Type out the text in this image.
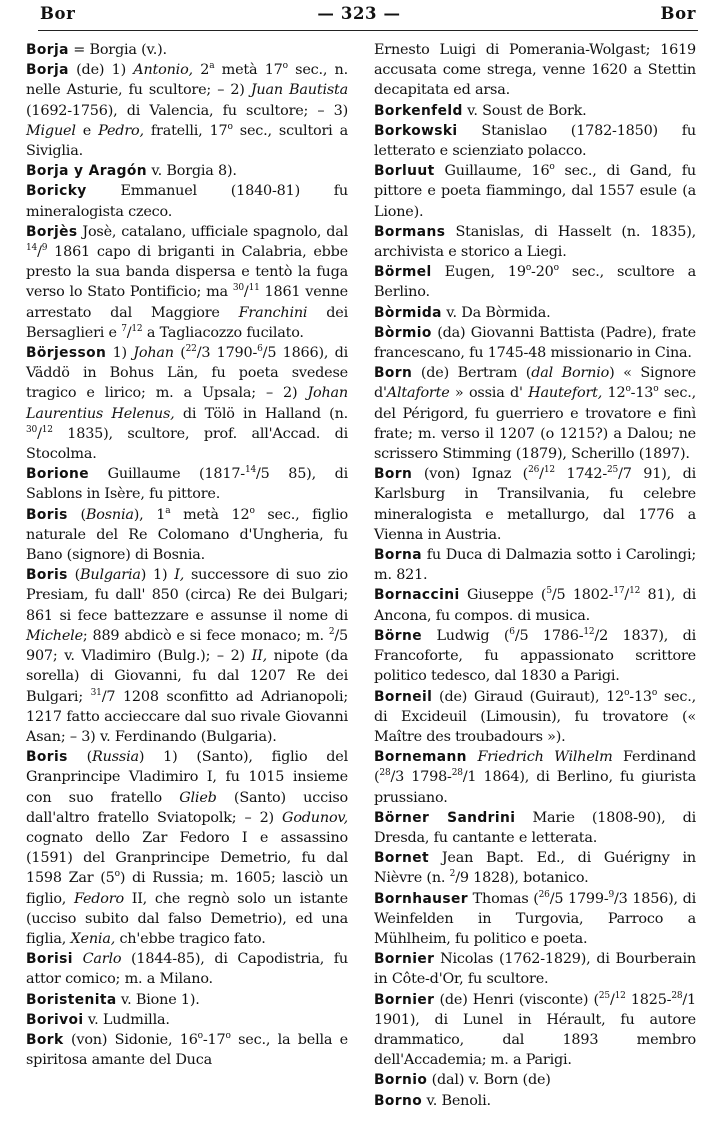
Bor	— 323 —	Bor

Borja = Borgia (v.).

Borja (de) 1) Antonio, 2$^a$ metà 17$^o$ sec., n. nelle Asturie, fu scultore; – 2) Juan Bautista (1692-1756), di Valencia, fu scultore; – 3) Miguel e Pedro, fratelli, 17$^o$ sec., scultori a Siviglia.

Borja y Aragón v. Borgia 8).

Boricky Emmanuel (1840-81) fu mineralogista czeco.

Borjès Josè, catalano, ufficiale spagnolo, dal $^{14}$/$^9$ 1861 capo di briganti in Calabria, ebbe presto la sua banda dispersa e tentò la fuga verso lo Stato Pontificio; ma $^{30}$/$^{11}$ 1861 venne arrestato dal Maggiore Franchini dei Bersaglieri e $^7$/$^{12}$ a Tagliacozzo fucilato.

Börjesson 1) Johan ($^{22}$/3 1790-$^6$/5 1866), di Väddö in Bohus Län, fu poeta svedese tragico e lirico; m. a Upsala; – 2) Johan Laurentius Helenus, di Tölö in Halland (n. $^{30}$/$^{12}$ 1835), scultore, prof. all'Accad. di Stocolma.

Borione Guillaume (1817-$^{14}$/5 85), di Sablons in Isère, fu pittore.

Boris (Bosnia), 1$^a$ metà 12$^o$ sec., figlio naturale del Re Colomano d'Ungheria, fu Bano (signore) di Bosnia.

Boris (Bulgaria) 1) I, successore di suo zio Presiam, fu dall' 850 (circa) Re dei Bulgari; 861 si fece battezzare e assunse il nome di Michele; 889 abdicò e si fece monaco; m. $^2$/5 907; v. Vladimiro (Bulg.); – 2) II, nipote (da sorella) di Giovanni, fu dal 1207 Re dei Bulgari; $^{31}$/7 1208 sconfitto ad Adrianopoli; 1217 fatto accieccare dal suo rivale Giovanni Asan; – 3) v. Ferdinando (Bulgaria).

Boris (Russia) 1) (Santo), figlio del Granprincipe Vladimiro I, fu 1015 insieme con suo fratello Glieb (Santo) ucciso dall'altro fratello Sviatopolk; – 2) Godunov, cognato dello Zar Fedoro I e assassino (1591) del Granprincipe Demetrio, fu dal 1598 Zar (5$^o$) di Russia; m. 1605; lasciò un figlio, Fedoro II, che regnò solo un istante (ucciso subito dal falso Demetrio), ed una figlia, Xenia, ch'ebbe tragico fato.

Borisi Carlo (1844-85), di Capodistria, fu attor comico; m. a Milano.

Boristenita v. Bione 1).

Borivoi v. Ludmilla.

Bork (von) Sidonie, 16$^o$-17$^o$ sec., la bella e spiritosa amante del Duca

Ernesto Luigi di Pomerania-Wolgast; 1619 accusata come strega, venne 1620 a Stettin decapitata ed arsa.

Borkenfeld v. Soust de Bork.

Borkowski Stanislao (1782-1850) fu letterato e scienziato polacco.

Borluut Guillaume, 16$^o$ sec., di Gand, fu pittore e poeta fiammingo, dal 1557 esule (a Lione).

Bormans Stanislas, di Hasselt (n. 1835), archivista e storico a Liegi.

Börmel Eugen, 19$^o$-20$^o$ sec., scultore a Berlino.

Bòrmida v. Da Bòrmida.

Bòrmio (da) Giovanni Battista (Padre), frate francescano, fu 1745-48 missionario in Cina.

Born (de) Bertram (dal Bornio) « Signore d'Altaforte » ossia d' Hautefort, 12$^o$-13$^o$ sec., del Périgord, fu guerriero e trovatore e finì frate; m. verso il 1207 (o 1215?) a Dalou; ne scrissero Stimming (1879), Scherillo (1897).

Born (von) Ignaz ($^{26}$/$^{12}$ 1742-$^{25}$/7 91), di Karlsburg in Transilvania, fu celebre mineralogista e metallurgo, dal 1776 a Vienna in Austria.

Borna fu Duca di Dalmazia sotto i Carolingi; m. 821.

Bornaccini Giuseppe ($^5$/5 1802-$^{17}$/$^{12}$ 81), di Ancona, fu compos. di musica.

Börne Ludwig ($^6$/5 1786-$^{12}$/2 1837), di Francoforte, fu appassionato scrittore politico tedesco, dal 1830 a Parigi.

Borneil (de) Giraud (Guiraut), 12$^o$-13$^o$ sec., di Excideuil (Limousin), fu trovatore (« Maître des troubadours »).

Bornemann Friedrich Wilhelm Ferdinand ($^{28}$/3 1798-$^{28}$/1 1864), di Berlino, fu giurista prussiano.

Börner Sandrini Marie (1808-90), di Dresda, fu cantante e letterata.

Bornet Jean Bapt. Ed., di Guérigny in Nièvre (n. $^2$/9 1828), botanico.

Bornhauser Thomas ($^{26}$/5 1799-$^9$/3 1856), di Weinfelden in Turgovia, Parroco a Mühlheim, fu politico e poeta.

Bornier Nicolas (1762-1829), di Bourberain in Côte-d'Or, fu scultore.

Bornier (de) Henri (visconte) ($^{25}$/$^{12}$ 1825-$^{28}$/1 1901), di Lunel in Hérault, fu autore drammatico, dal 1893 membro dell'Accademia; m. a Parigi.

Bornio (dal) v. Born (de)

Borno v. Benoli.
